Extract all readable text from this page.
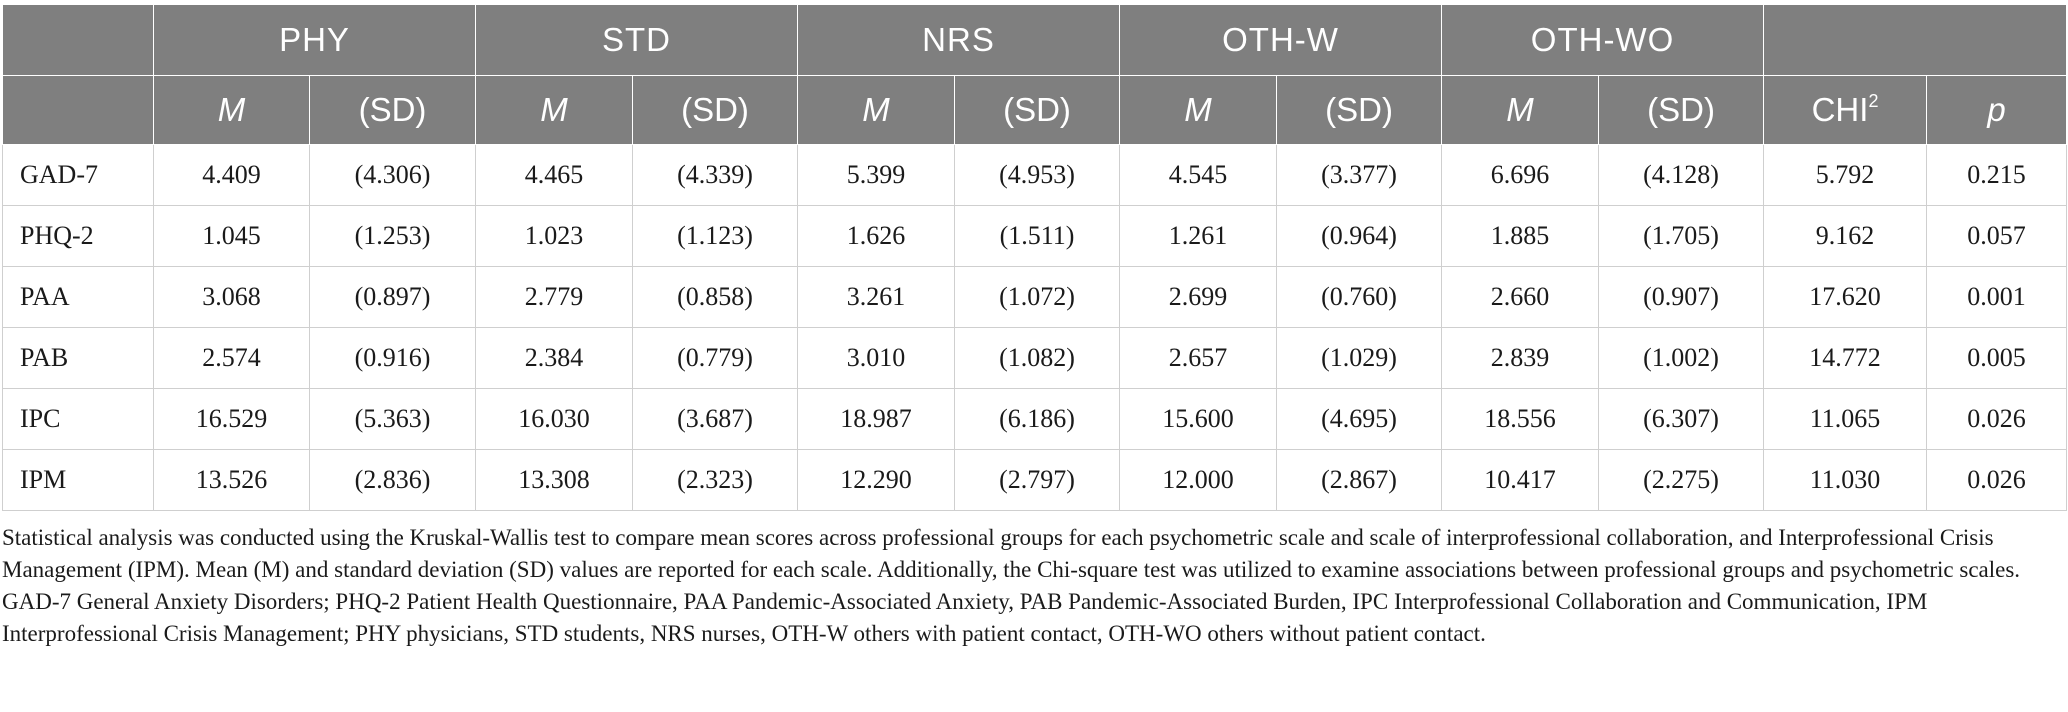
	PHY		STD		NRS		OTH-W		OTH-WO			
	M	(SD)	M	(SD)	M	(SD)	M	(SD)	M	(SD)	CHI$^2$	p
GAD-7	4.409	(4.306)	4.465	(4.339)	5.399	(4.953)	4.545	(3.377)	6.696	(4.128)	5.792	0.215
PHQ-2	1.045	(1.253)	1.023	(1.123)	1.626	(1.511)	1.261	(0.964)	1.885	(1.705)	9.162	0.057
PAA	3.068	(0.897)	2.779	(0.858)	3.261	(1.072)	2.699	(0.760)	2.660	(0.907)	17.620	0.001
PAB	2.574	(0.916)	2.384	(0.779)	3.010	(1.082)	2.657	(1.029)	2.839	(1.002)	14.772	0.005
IPC	16.529	(5.363)	16.030	(3.687)	18.987	(6.186)	15.600	(4.695)	18.556	(6.307)	11.065	0.026
IPM	13.526	(2.836)	13.308	(2.323)	12.290	(2.797)	12.000	(2.867)	10.417	(2.275)	11.030	0.026
Statistical analysis was conducted using the Kruskal-Wallis test to compare mean scores across professional groups for each psychometric scale and scale of interprofessional collaboration, and Interprofessional Crisis Management (IPM). Mean (M) and standard deviation (SD) values are reported for each scale. Additionally, the Chi-square test was utilized to examine associations between professional groups and psychometric scales. GAD-7 General Anxiety Disorders; PHQ-2 Patient Health Questionnaire, PAA Pandemic-Associated Anxiety, PAB Pandemic-Associated Burden, IPC Interprofessional Collaboration and Communication, IPM Interprofessional Crisis Management; PHY physicians, STD students, NRS nurses, OTH-W others with patient contact, OTH-WO others without patient contact.
